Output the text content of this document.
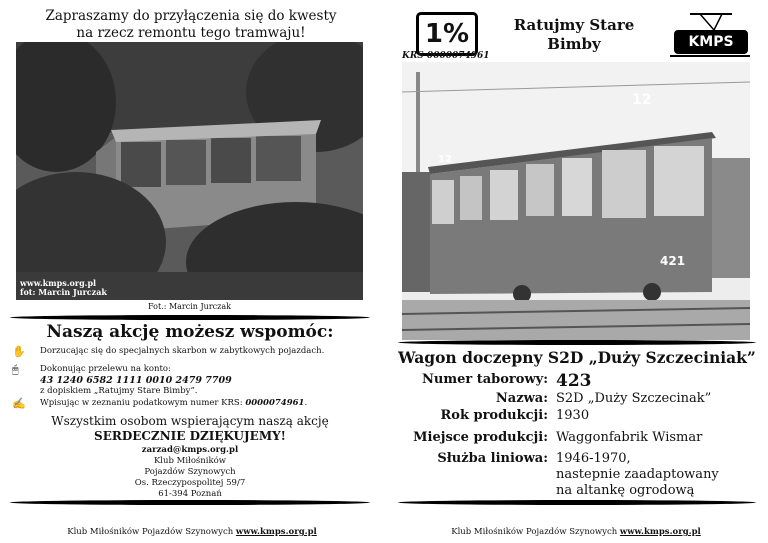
Zapraszamy do przyłączenia się do kwesty
na rzecz remontu tego tramwaju!
www.kmps.org.pl
fot: Marcin Jurczak
Fot.: Marcin Jurczak
Naszą akcję możesz wspomóc:
✋ Dorzucając się do specjalnych skarbon w zabytkowych pojazdach.
🖱	Dokonując przelewu na konto:
43 1240 6582 1111 0010 2479 7709
z dopiskiem „Ratujmy Stare Bimby”.
✍ Wpisując w zeznaniu podatkowym numer KRS: 0000074961.
Wszystkim osobom wspierającym naszą akcję
SERDECZNIE DZIĘKUJEMY!
zarzad@kmps.org.pl
Klub Miłośników
Pojazdów Szynowych
Os. Rzeczypospolitej 59/7
61-394 Poznań
Klub Miłośników Pojazdów Szynowych www.kmps.org.pl
1%
KRS 0000074961
Ratujmy Stare
Bimby	KMPS
12
12
421
Wagon doczepny S2D „Duży Szczeciniak”
Numer taborowy: 423
Nazwa: S2D „Duży Szczecinak”
Rok produkcji: 1930
Miejsce produkcji: Waggonfabrik Wismar
Służba liniowa: 1946-1970,
nastepnie zaadaptowany
na altankę ogrodową
Klub Miłośników Pojazdów Szynowych www.kmps.org.pl
